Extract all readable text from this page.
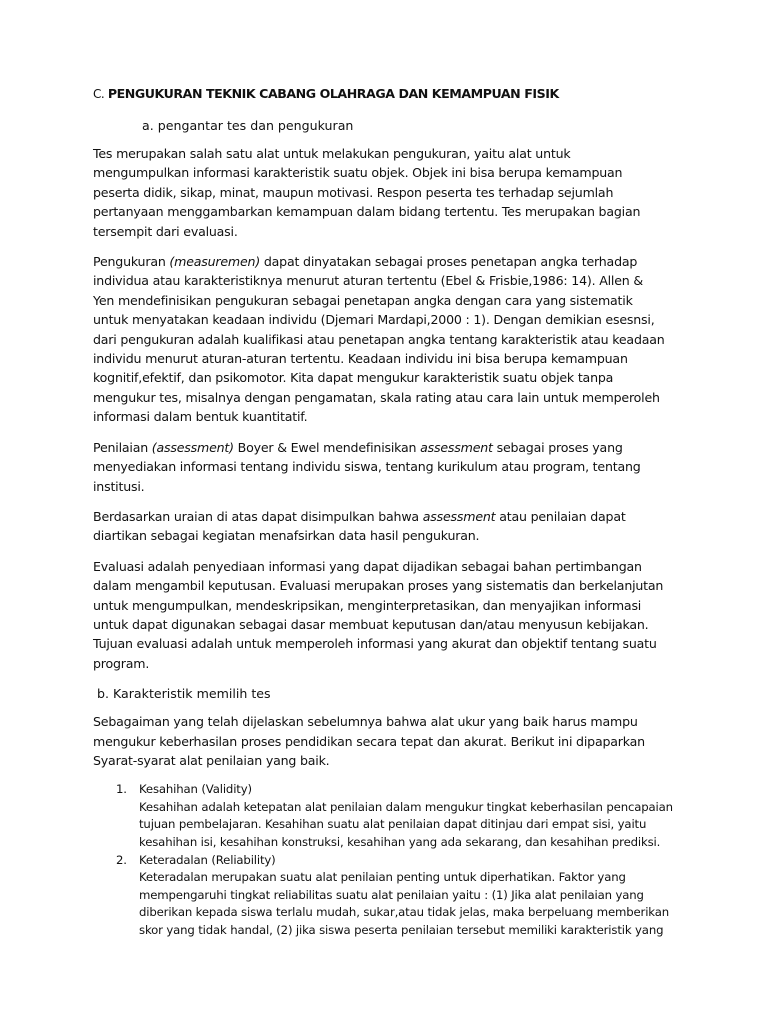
C. PENGUKURAN TEKNIK CABANG OLAHRAGA DAN KEMAMPUAN FISIK
a. pengantar tes dan pengukuran

Tes merupakan salah satu alat untuk melakukan pengukuran, yaitu alat untuk
mengumpulkan informasi karakteristik suatu objek. Objek ini bisa berupa kemampuan
peserta didik, sikap, minat, maupun motivasi. Respon peserta tes terhadap sejumlah
pertanyaan menggambarkan kemampuan dalam bidang tertentu. Tes merupakan bagian
tersempit dari evaluasi.

Pengukuran (measuremen) dapat dinyatakan sebagai proses penetapan angka terhadap
individua atau karakteristiknya menurut aturan tertentu (Ebel & Frisbie,1986: 14). Allen &
Yen mendefinisikan pengukuran sebagai penetapan angka dengan cara yang sistematik
untuk menyatakan keadaan individu (Djemari Mardapi,2000 : 1). Dengan demikian esesnsi,
dari pengukuran adalah kualifikasi atau penetapan angka tentang karakteristik atau keadaan
individu menurut aturan-aturan tertentu. Keadaan individu ini bisa berupa kemampuan
kognitif,efektif, dan psikomotor. Kita dapat mengukur karakteristik suatu objek tanpa
mengukur tes, misalnya dengan pengamatan, skala rating atau cara lain untuk memperoleh
informasi dalam bentuk kuantitatif.

Penilaian (assessment) Boyer & Ewel mendefinisikan assessment sebagai proses yang
menyediakan informasi tentang individu siswa, tentang kurikulum atau program, tentang
institusi.

Berdasarkan uraian di atas dapat disimpulkan bahwa assessment atau penilaian dapat
diartikan sebagai kegiatan menafsirkan data hasil pengukuran.

Evaluasi adalah penyediaan informasi yang dapat dijadikan sebagai bahan pertimbangan
dalam mengambil keputusan. Evaluasi merupakan proses yang sistematis dan berkelanjutan
untuk mengumpulkan, mendeskripsikan, menginterpretasikan, dan menyajikan informasi
untuk dapat digunakan sebagai dasar membuat keputusan dan/atau menyusun kebijakan.
Tujuan evaluasi adalah untuk memperoleh informasi yang akurat dan objektif tentang suatu
program.

b. Karakteristik memilih tes

Sebagaiman yang telah dijelaskan sebelumnya bahwa alat ukur yang baik harus mampu
mengukur keberhasilan proses pendidikan secara tepat dan akurat. Berikut ini dipaparkan
Syarat-syarat alat penilaian yang baik.

1. Kesahihan (Validity)
Kesahihan adalah ketepatan alat penilaian dalam mengukur tingkat keberhasilan pencapaian
tujuan pembelajaran. Kesahihan suatu alat penilaian dapat ditinjau dari empat sisi, yaitu
kesahihan isi, kesahihan konstruksi, kesahihan yang ada sekarang, dan kesahihan prediksi.
2. Keteradalan (Reliability)
Keteradalan merupakan suatu alat penilaian penting untuk diperhatikan. Faktor yang
mempengaruhi tingkat reliabilitas suatu alat penilaian yaitu : (1) Jika alat penilaian yang
diberikan kepada siswa terlalu mudah, sukar,atau tidak jelas, maka berpeluang memberikan
skor yang tidak handal, (2) jika siswa peserta penilaian tersebut memiliki karakteristik yang
